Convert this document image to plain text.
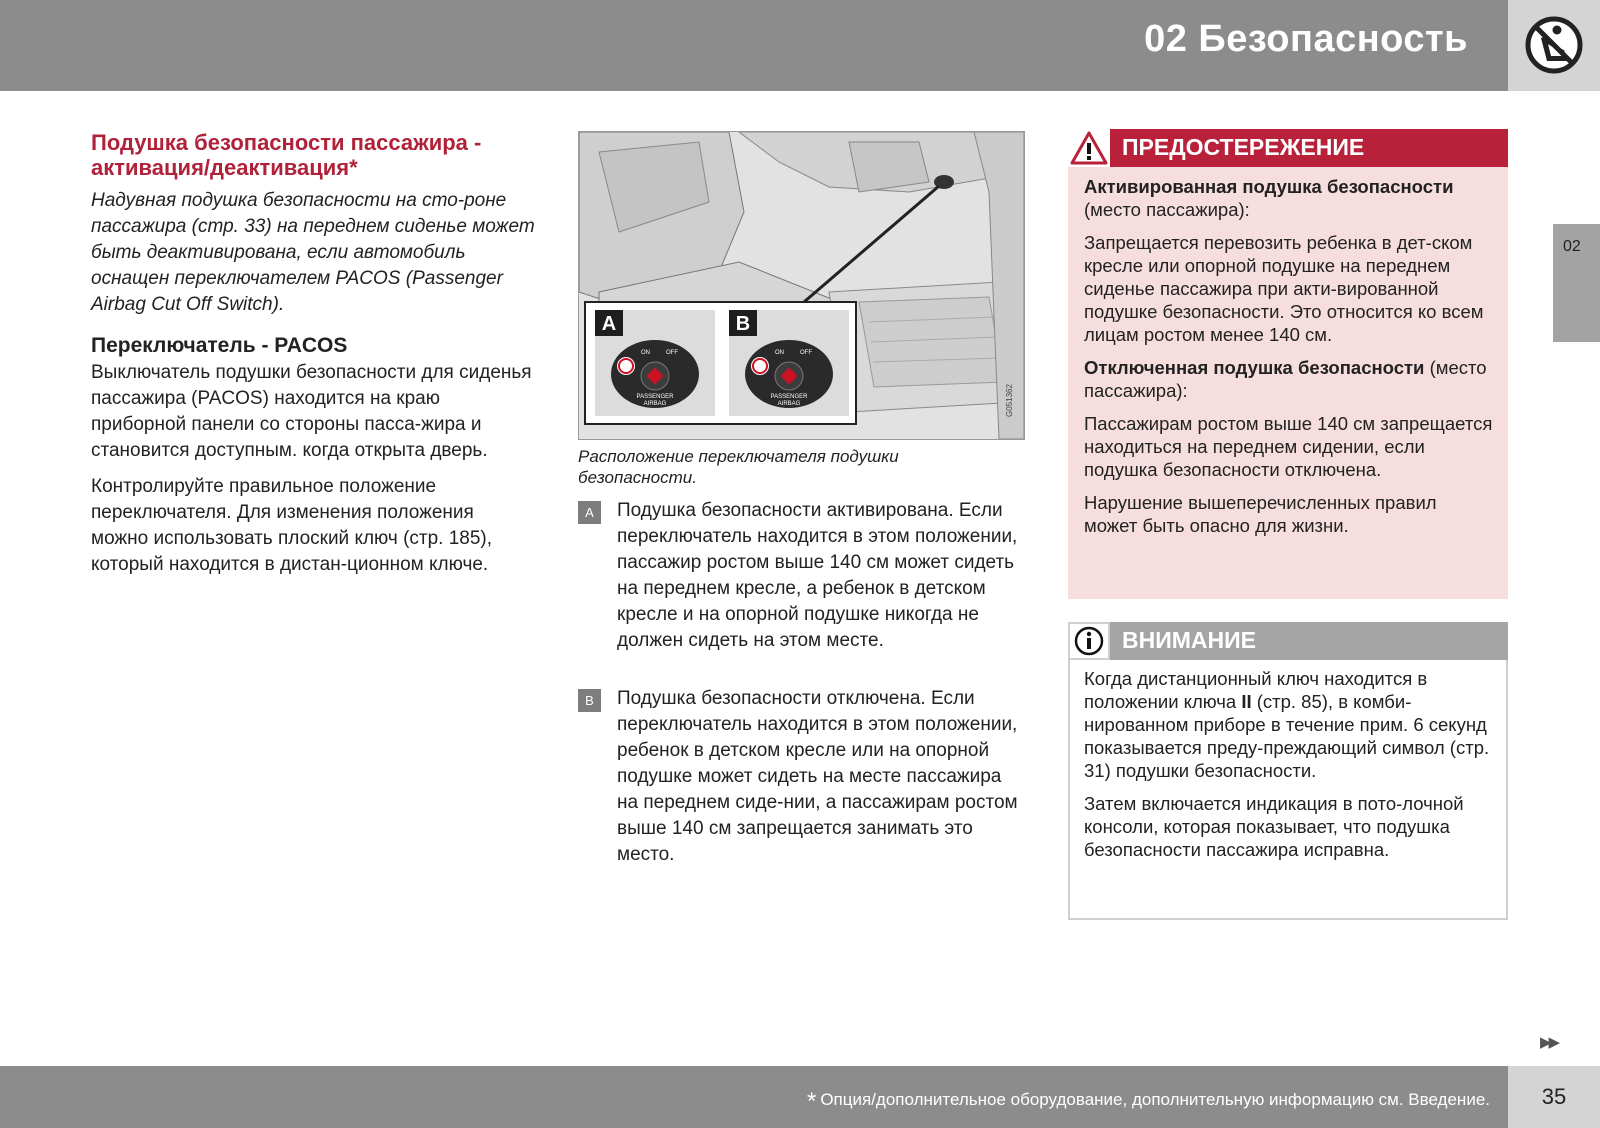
02 Безопасность
02

Подушка безопасности пассажира -
активация/деактивация*

Надувная подушка безопасности на сто-роне пассажира (стр. 33) на переднем сиденье может быть деактивирована, если автомобиль оснащен переключателем PACOS (Passenger Airbag Cut Off Switch).

Переключатель - PACOS

Выключатель подушки безопасности для сиденья пассажира (PACOS) находится на краю приборной панели со стороны пасса-жира и становится доступным. когда открыта дверь.

Контролируйте правильное положение переключателя. Для изменения положения можно использовать плоский ключ (стр. 185), который находится в дистан-ционном ключе.

A
ON	OFF
PASSENGER
AIRBAG
B
ON	OFF
PASSENGER
AIRBAG	G051362
Расположение переключателя подушки безопасности.
A	Подушка безопасности активирована. Если переключатель находится в этом положении, пассажир ростом выше 140 см может сидеть на переднем кресле, а ребенок в детском кресле и на опорной подушке никогда не должен сидеть на этом месте.
B	Подушка безопасности отключена. Если переключатель находится в этом положении, ребенок в детском кресле или на опорной подушке может сидеть на месте пассажира на переднем сиде-нии, а пассажирам ростом выше 140 см запрещается занимать это место.
ПРЕДОСТЕРЕЖЕНИЕ

Активированная подушка безопасности (место пассажира):

Запрещается перевозить ребенка в дет-ском кресле или опорной подушке на переднем сиденье пассажира при акти-вированной подушке безопасности. Это относится ко всем лицам ростом менее 140 см.

Отключенная подушка безопасности (место пассажира):

Пассажирам ростом выше 140 см запрещается находиться на переднем сидении, если подушка безопасности отключена.

Нарушение вышеперечисленных правил может быть опасно для жизни.

ВНИМАНИЕ

Когда дистанционный ключ находится в положении ключа II (стр. 85), в комби-нированном приборе в течение прим. 6 секунд показывается преду-преждающий символ (стр. 31) подушки безопасности.

Затем включается индикация в пото-лочной консоли, которая показывает, что подушка безопасности пассажира исправна.

▶▶
* Опция/дополнительное оборудование, дополнительную информацию см. Введение.	35
